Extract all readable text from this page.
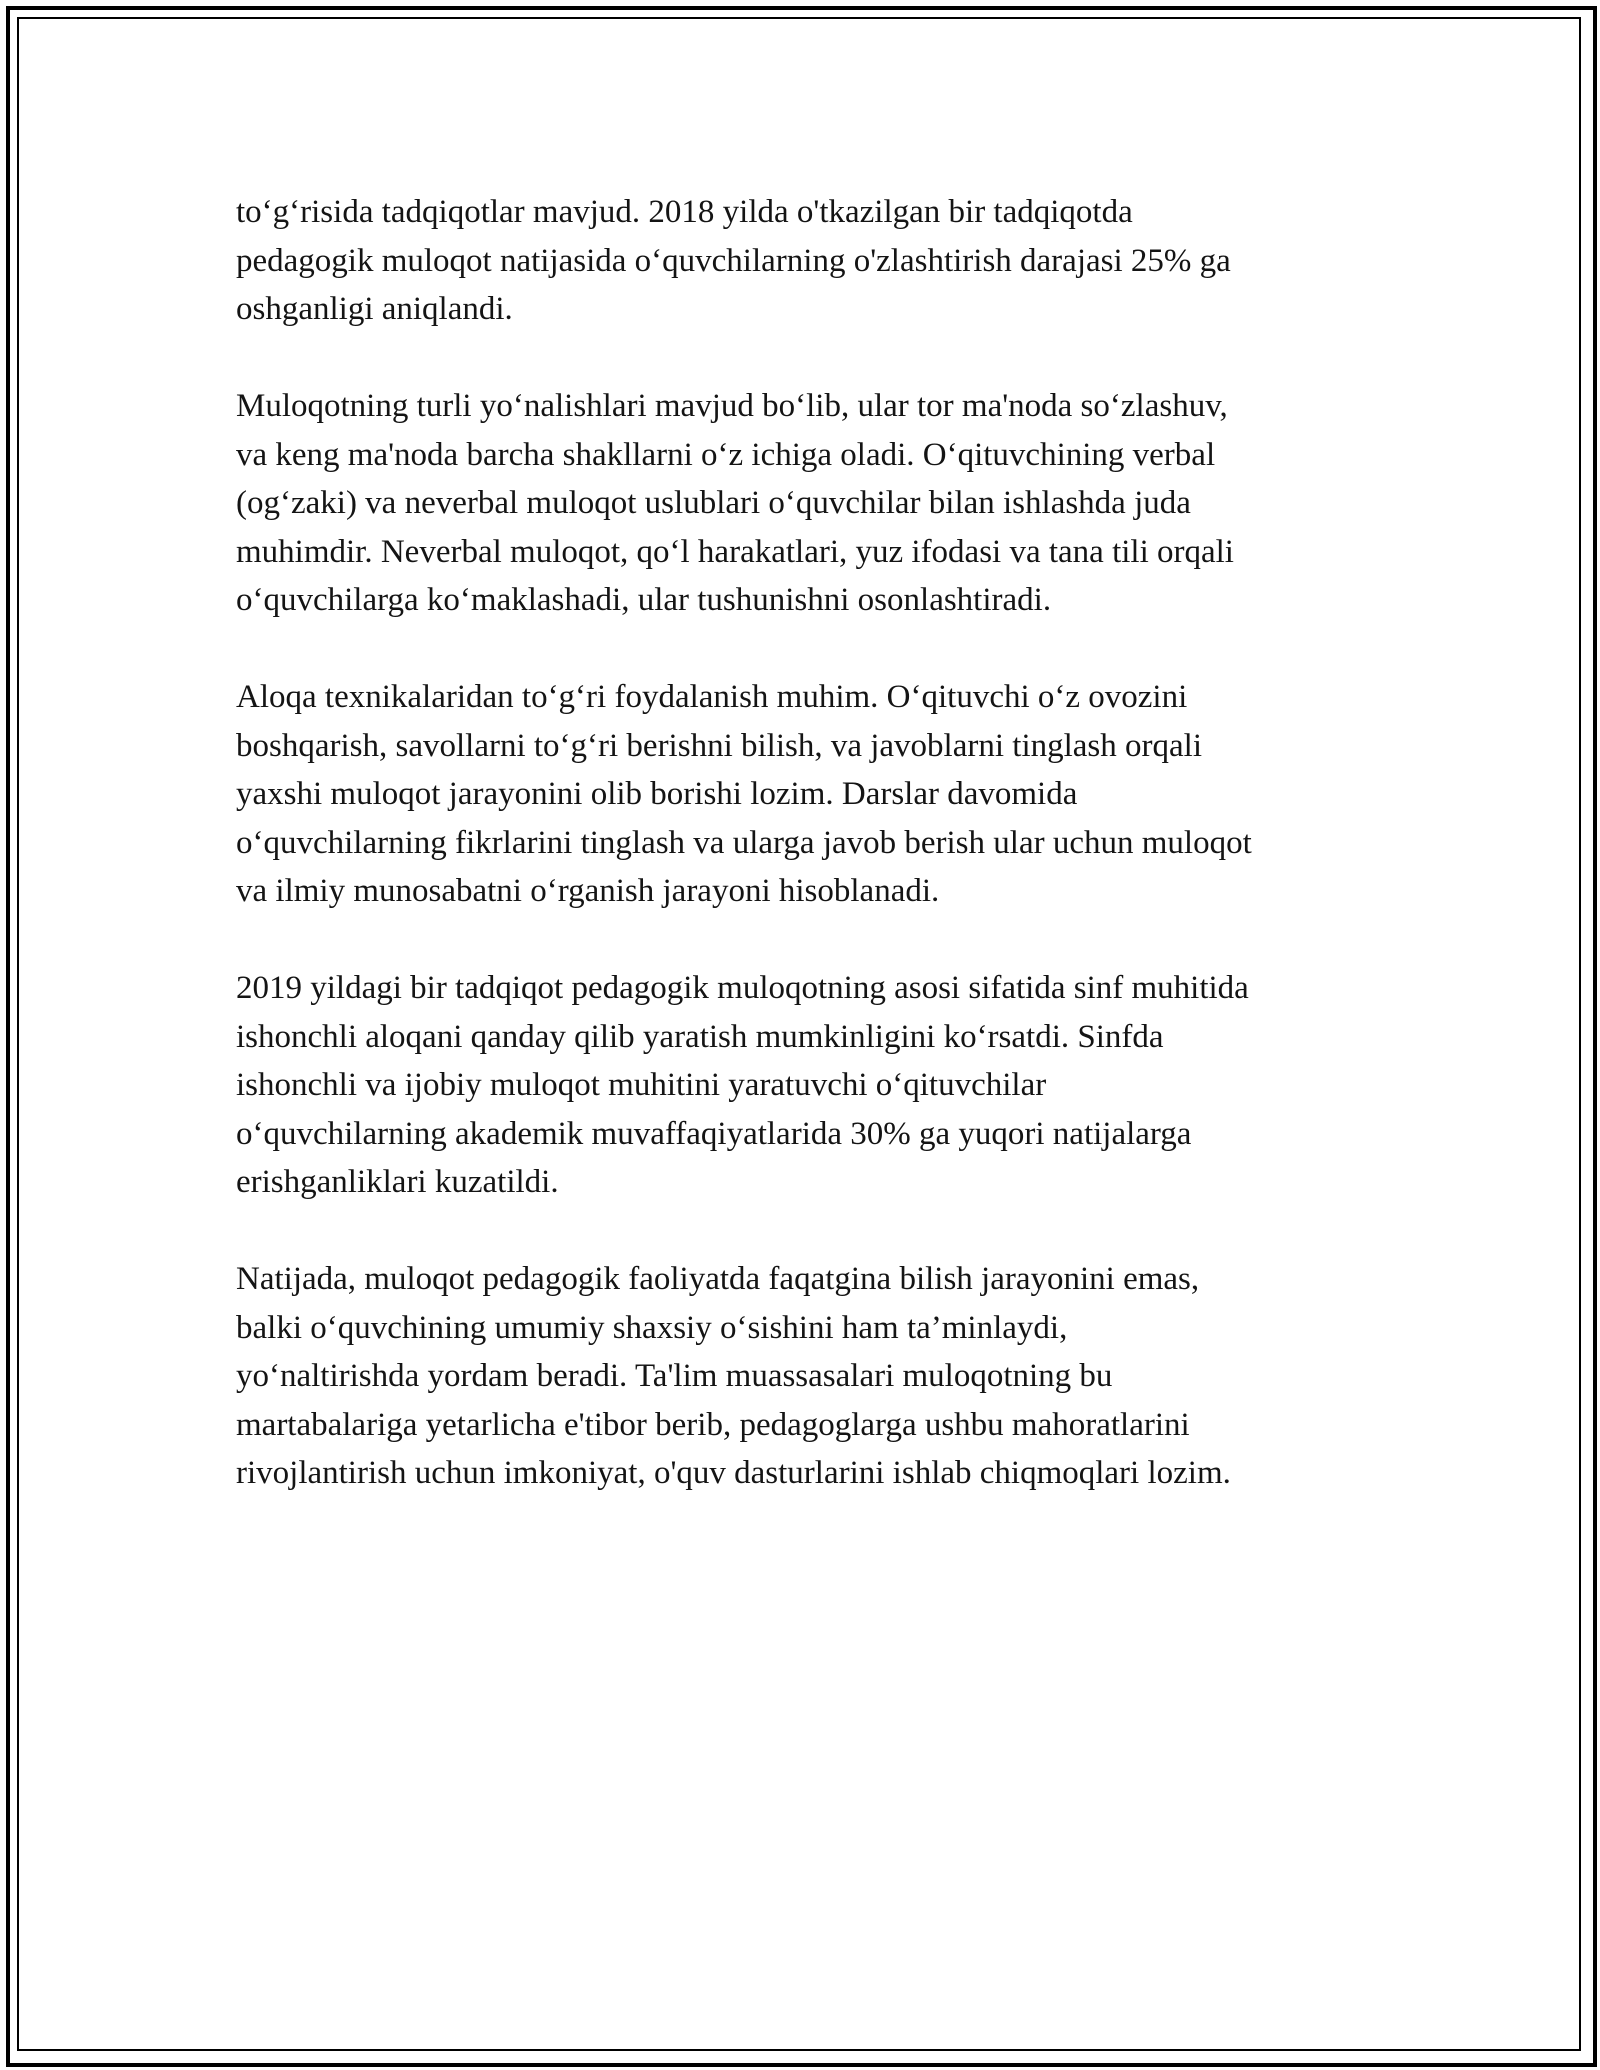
to‘g‘risida tadqiqotlar mavjud. 2018 yilda o'tkazilgan bir tadqiqotda
pedagogik muloqot natijasida o‘quvchilarning o'zlashtirish darajasi 25% ga
oshganligi aniqlandi.

Muloqotning turli yo‘nalishlari mavjud bo‘lib, ular tor ma'noda so‘zlashuv,
va keng ma'noda barcha shakllarni o‘z ichiga oladi. O‘qituvchining verbal
(og‘zaki) va neverbal muloqot uslublari o‘quvchilar bilan ishlashda juda
muhimdir. Neverbal muloqot, qo‘l harakatlari, yuz ifodasi va tana tili orqali
o‘quvchilarga ko‘maklashadi, ular tushunishni osonlashtiradi.

Aloqa texnikalaridan to‘g‘ri foydalanish muhim. O‘qituvchi o‘z ovozini
boshqarish, savollarni to‘g‘ri berishni bilish, va javoblarni tinglash orqali
yaxshi muloqot jarayonini olib borishi lozim. Darslar davomida
o‘quvchilarning fikrlarini tinglash va ularga javob berish ular uchun muloqot
va ilmiy munosabatni o‘rganish jarayoni hisoblanadi.

2019 yildagi bir tadqiqot pedagogik muloqotning asosi sifatida sinf muhitida
ishonchli aloqani qanday qilib yaratish mumkinligini ko‘rsatdi. Sinfda
ishonchli va ijobiy muloqot muhitini yaratuvchi o‘qituvchilar
o‘quvchilarning akademik muvaffaqiyatlarida 30% ga yuqori natijalarga
erishganliklari kuzatildi.

Natijada, muloqot pedagogik faoliyatda faqatgina bilish jarayonini emas,
balki o‘quvchining umumiy shaxsiy o‘sishini ham ta’minlaydi,
yo‘naltirishda yordam beradi. Ta'lim muassasalari muloqotning bu
martabalariga yetarlicha e'tibor berib, pedagoglarga ushbu mahoratlarini
rivojlantirish uchun imkoniyat, o'quv dasturlarini ishlab chiqmoqlari lozim.
